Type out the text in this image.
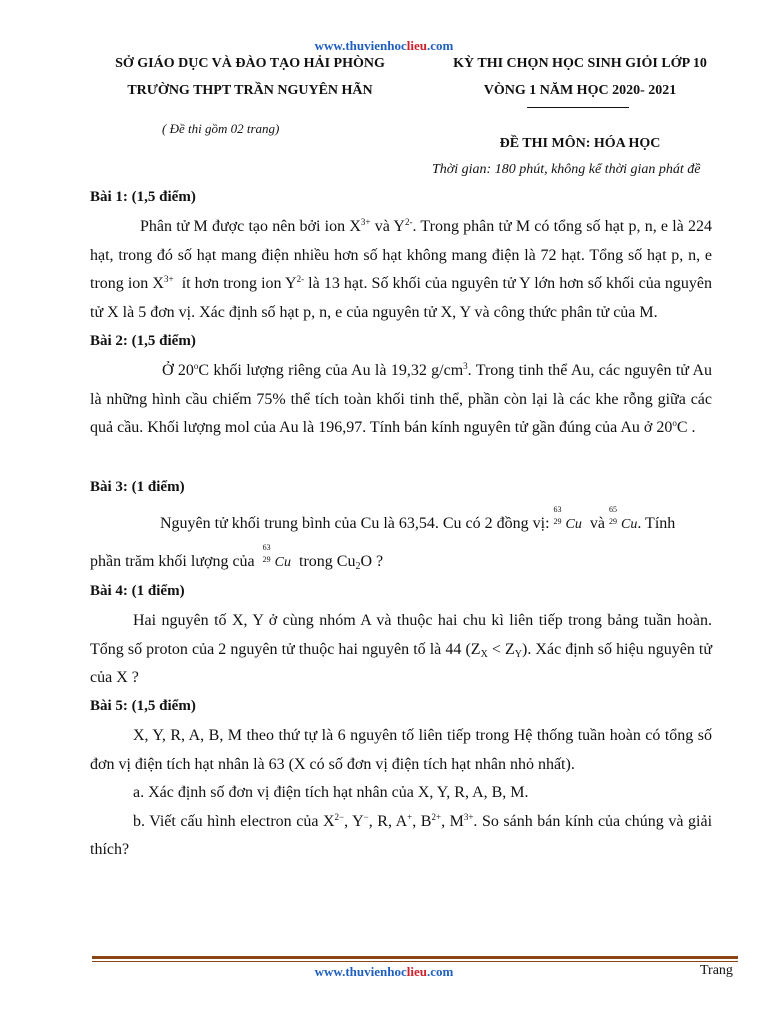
www.thuvienhoclieu.com
SỞ GIÁO DỤC VÀ ĐÀO TẠO HẢI PHÒNG
TRƯỜNG THPT TRẦN NGUYÊN HÃN
( Đề thi gồm 02 trang)
KỲ THI CHỌN HỌC SINH GIỎI LỚP 10
VÒNG 1 NĂM HỌC 2020- 2021
ĐỀ THI MÔN: HÓA HỌC
Thời gian: 180 phút, không kể thời gian phát đề
Bài 1: (1,5 điểm)

Phân tử M được tạo nên bởi ion $X^{3+}$ và $Y^{2-}$. Trong phân tử M có tổng số hạt p, n, e là 224 hạt, trong đó số hạt mang điện nhiều hơn số hạt không mang điện là 72 hạt. Tổng số hạt p, n, e trong ion $X^{3+}$  ít hơn trong ion $Y^{2-}$ là 13 hạt. Số khối của nguyên tử Y lớn hơn số khối của nguyên tử X là 5 đơn vị. Xác định số hạt p, n, e của nguyên tử X, Y và công thức phân tử của M.

Bài 2: (1,5 điểm)

Ở 20$^o$C khối lượng riêng của Au là 19,32 $g/cm^3$. Trong tinh thể Au, các nguyên tử Au là những hình cầu chiếm 75% thể tích toàn khối tinh thể, phần còn lại là các khe rỗng giữa các quả cầu. Khối lượng mol của Au là 196,97. Tính bán kính nguyên tử gần đúng của Au ở 20$^o$C .

Bài 3: (1 điểm)
Nguyên tử khối trung bình của Cu là 63,54. Cu có 2 đồng vị:
63
29 Cu  và
65
29 Cu. Tính
phần trăm khối lượng của
63
29 Cu  trong $Cu_2O$ ?
Bài 4: (1 điểm)

Hai nguyên tố X, Y ở cùng nhóm A và thuộc hai chu kì liên tiếp trong bảng tuần hoàn. Tổng số proton của 2 nguyên tử thuộc hai nguyên tố là 44 $(Z_X < Z_Y)$. Xác định số hiệu nguyên tử của X ?

Bài 5: (1,5 điểm)

X, Y, R, A, B, M theo thứ tự là 6 nguyên tố liên tiếp trong Hệ thống tuần hoàn có tổng số đơn vị điện tích hạt nhân là 63 (X có số đơn vị điện tích hạt nhân nhỏ nhất).

a. Xác định số đơn vị điện tích hạt nhân của X, Y, R, A, B, M.

b. Viết cấu hình electron của $X^{2-}$, Y−, R, A+, $B^{2+}$, $M^{3+}$. So sánh bán kính của chúng và giải thích?

www.thuvienhoclieu.com	Trang
